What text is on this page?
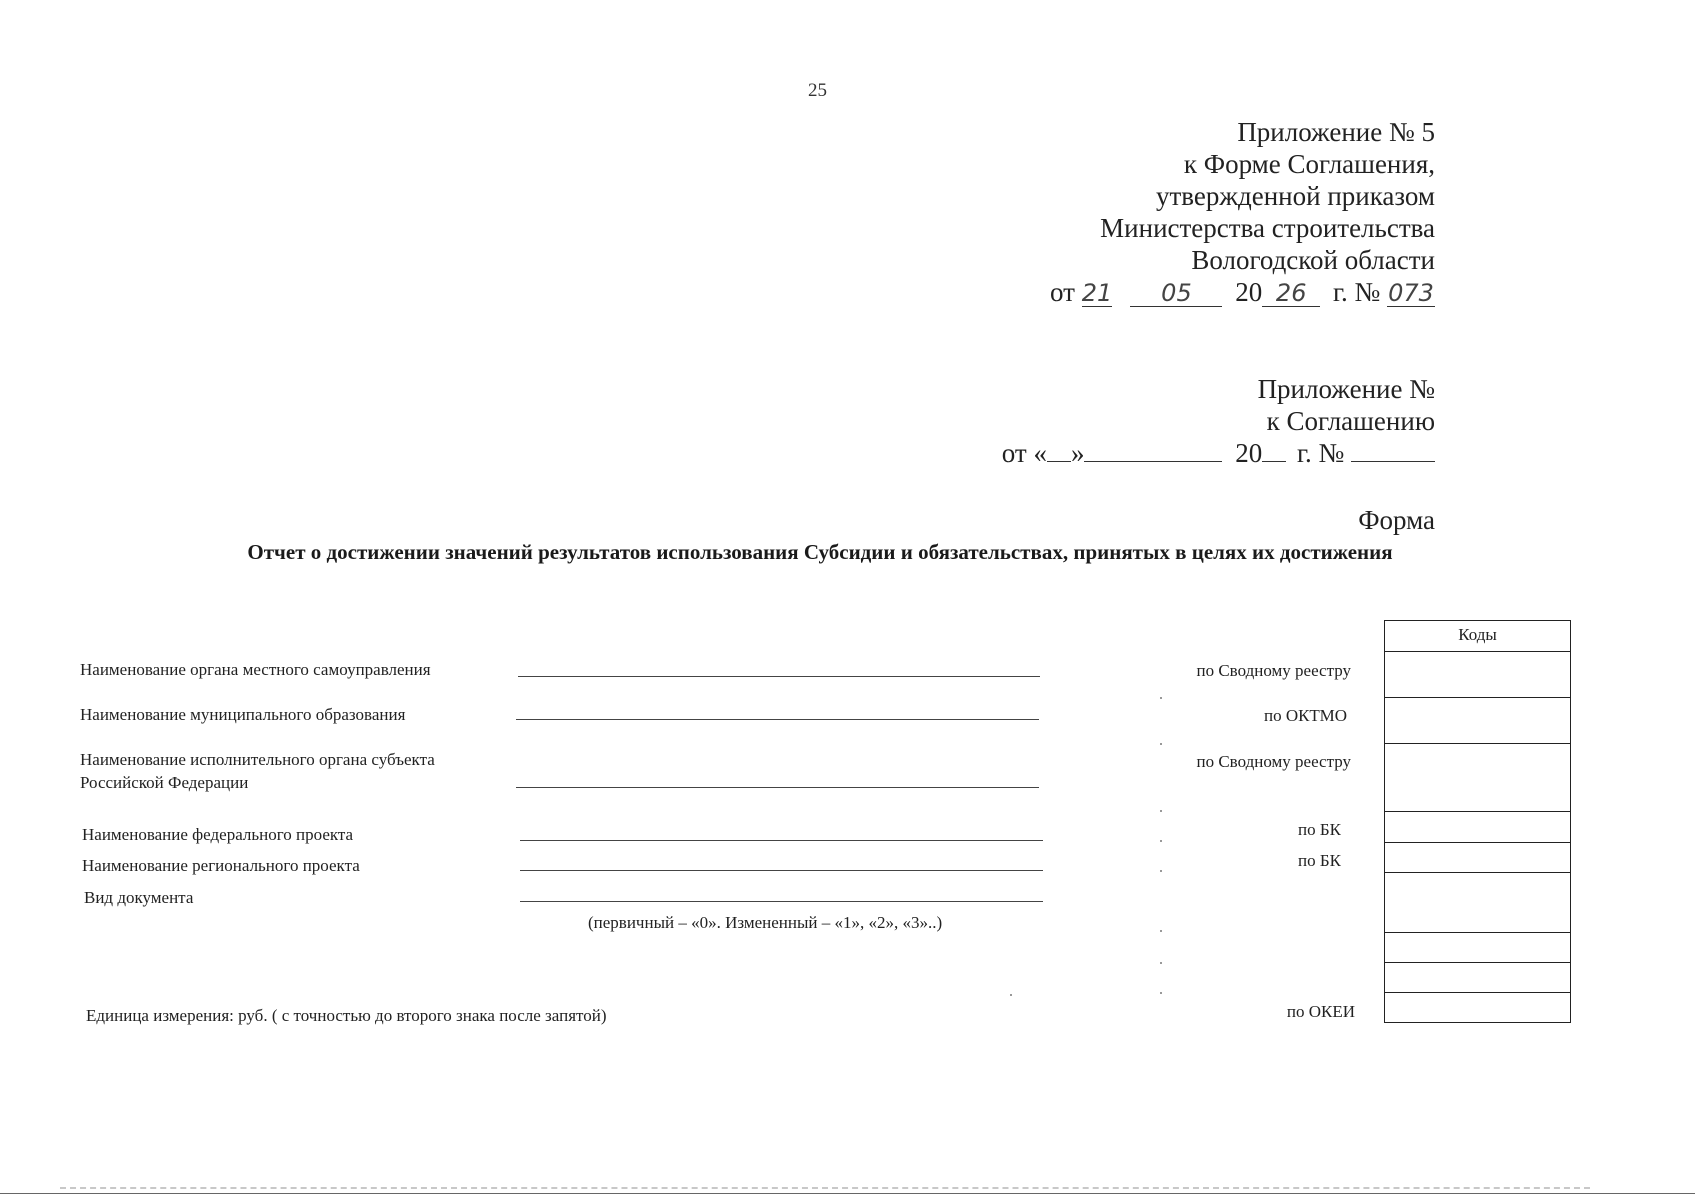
25
Приложение № 5
к Форме Соглашения,
утвержденной приказом
Министерства строительства
Вологодской области
от 21 05 20 26 г. № 073
Приложение №
к Соглашению
от « »	20 г. №
Форма
Отчет о достижении значений результатов использования Субсидии и обязательствах, принятых в целях их достижения
Наименование органа местного самоуправления
Наименование муниципального образования
Наименование исполнительного органа субъекта
Российской Федерации
Наименование федерального проекта
Наименование регионального проекта
Вид документа
(первичный – «0». Измененный – «1», «2», «3»..)
Единица измерения: руб. ( с точностью до второго знака после запятой)
по Сводному реестру
по ОКТМО
по Сводному реестру
по БК
по БК
по ОКЕИ
Коды
